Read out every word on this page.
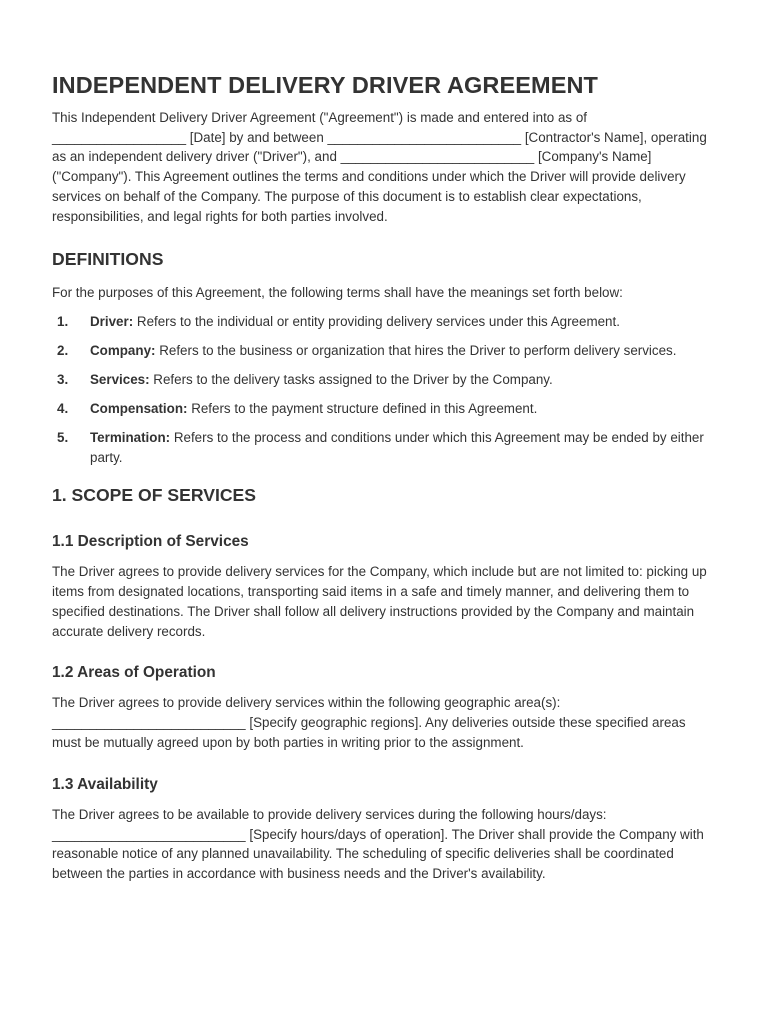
INDEPENDENT DELIVERY DRIVER AGREEMENT

This Independent Delivery Driver Agreement ("Agreement") is made and entered into as of __________________ [Date] by and between __________________________ [Contractor's Name], operating as an independent delivery driver ("Driver"), and __________________________ [Company's Name] ("Company"). This Agreement outlines the terms and conditions under which the Driver will provide delivery services on behalf of the Company. The purpose of this document is to establish clear expectations, responsibilities, and legal rights for both parties involved.

DEFINITIONS

For the purposes of this Agreement, the following terms shall have the meanings set forth below:

1.	Driver: Refers to the individual or entity providing delivery services under this Agreement.
2.	Company: Refers to the business or organization that hires the Driver to perform delivery services.
3.	Services: Refers to the delivery tasks assigned to the Driver by the Company.
4.	Compensation: Refers to the payment structure defined in this Agreement.
5.	Termination: Refers to the process and conditions under which this Agreement may be ended by either party.
1. SCOPE OF SERVICES
1.1 Description of Services

The Driver agrees to provide delivery services for the Company, which include but are not limited to: picking up items from designated locations, transporting said items in a safe and timely manner, and delivering them to specified destinations. The Driver shall follow all delivery instructions provided by the Company and maintain accurate delivery records.

1.2 Areas of Operation

The Driver agrees to provide delivery services within the following geographic area(s): __________________________ [Specify geographic regions]. Any deliveries outside these specified areas must be mutually agreed upon by both parties in writing prior to the assignment.

1.3 Availability

The Driver agrees to be available to provide delivery services during the following hours/days: __________________________ [Specify hours/days of operation]. The Driver shall provide the Company with reasonable notice of any planned unavailability. The scheduling of specific deliveries shall be coordinated between the parties in accordance with business needs and the Driver's availability.
